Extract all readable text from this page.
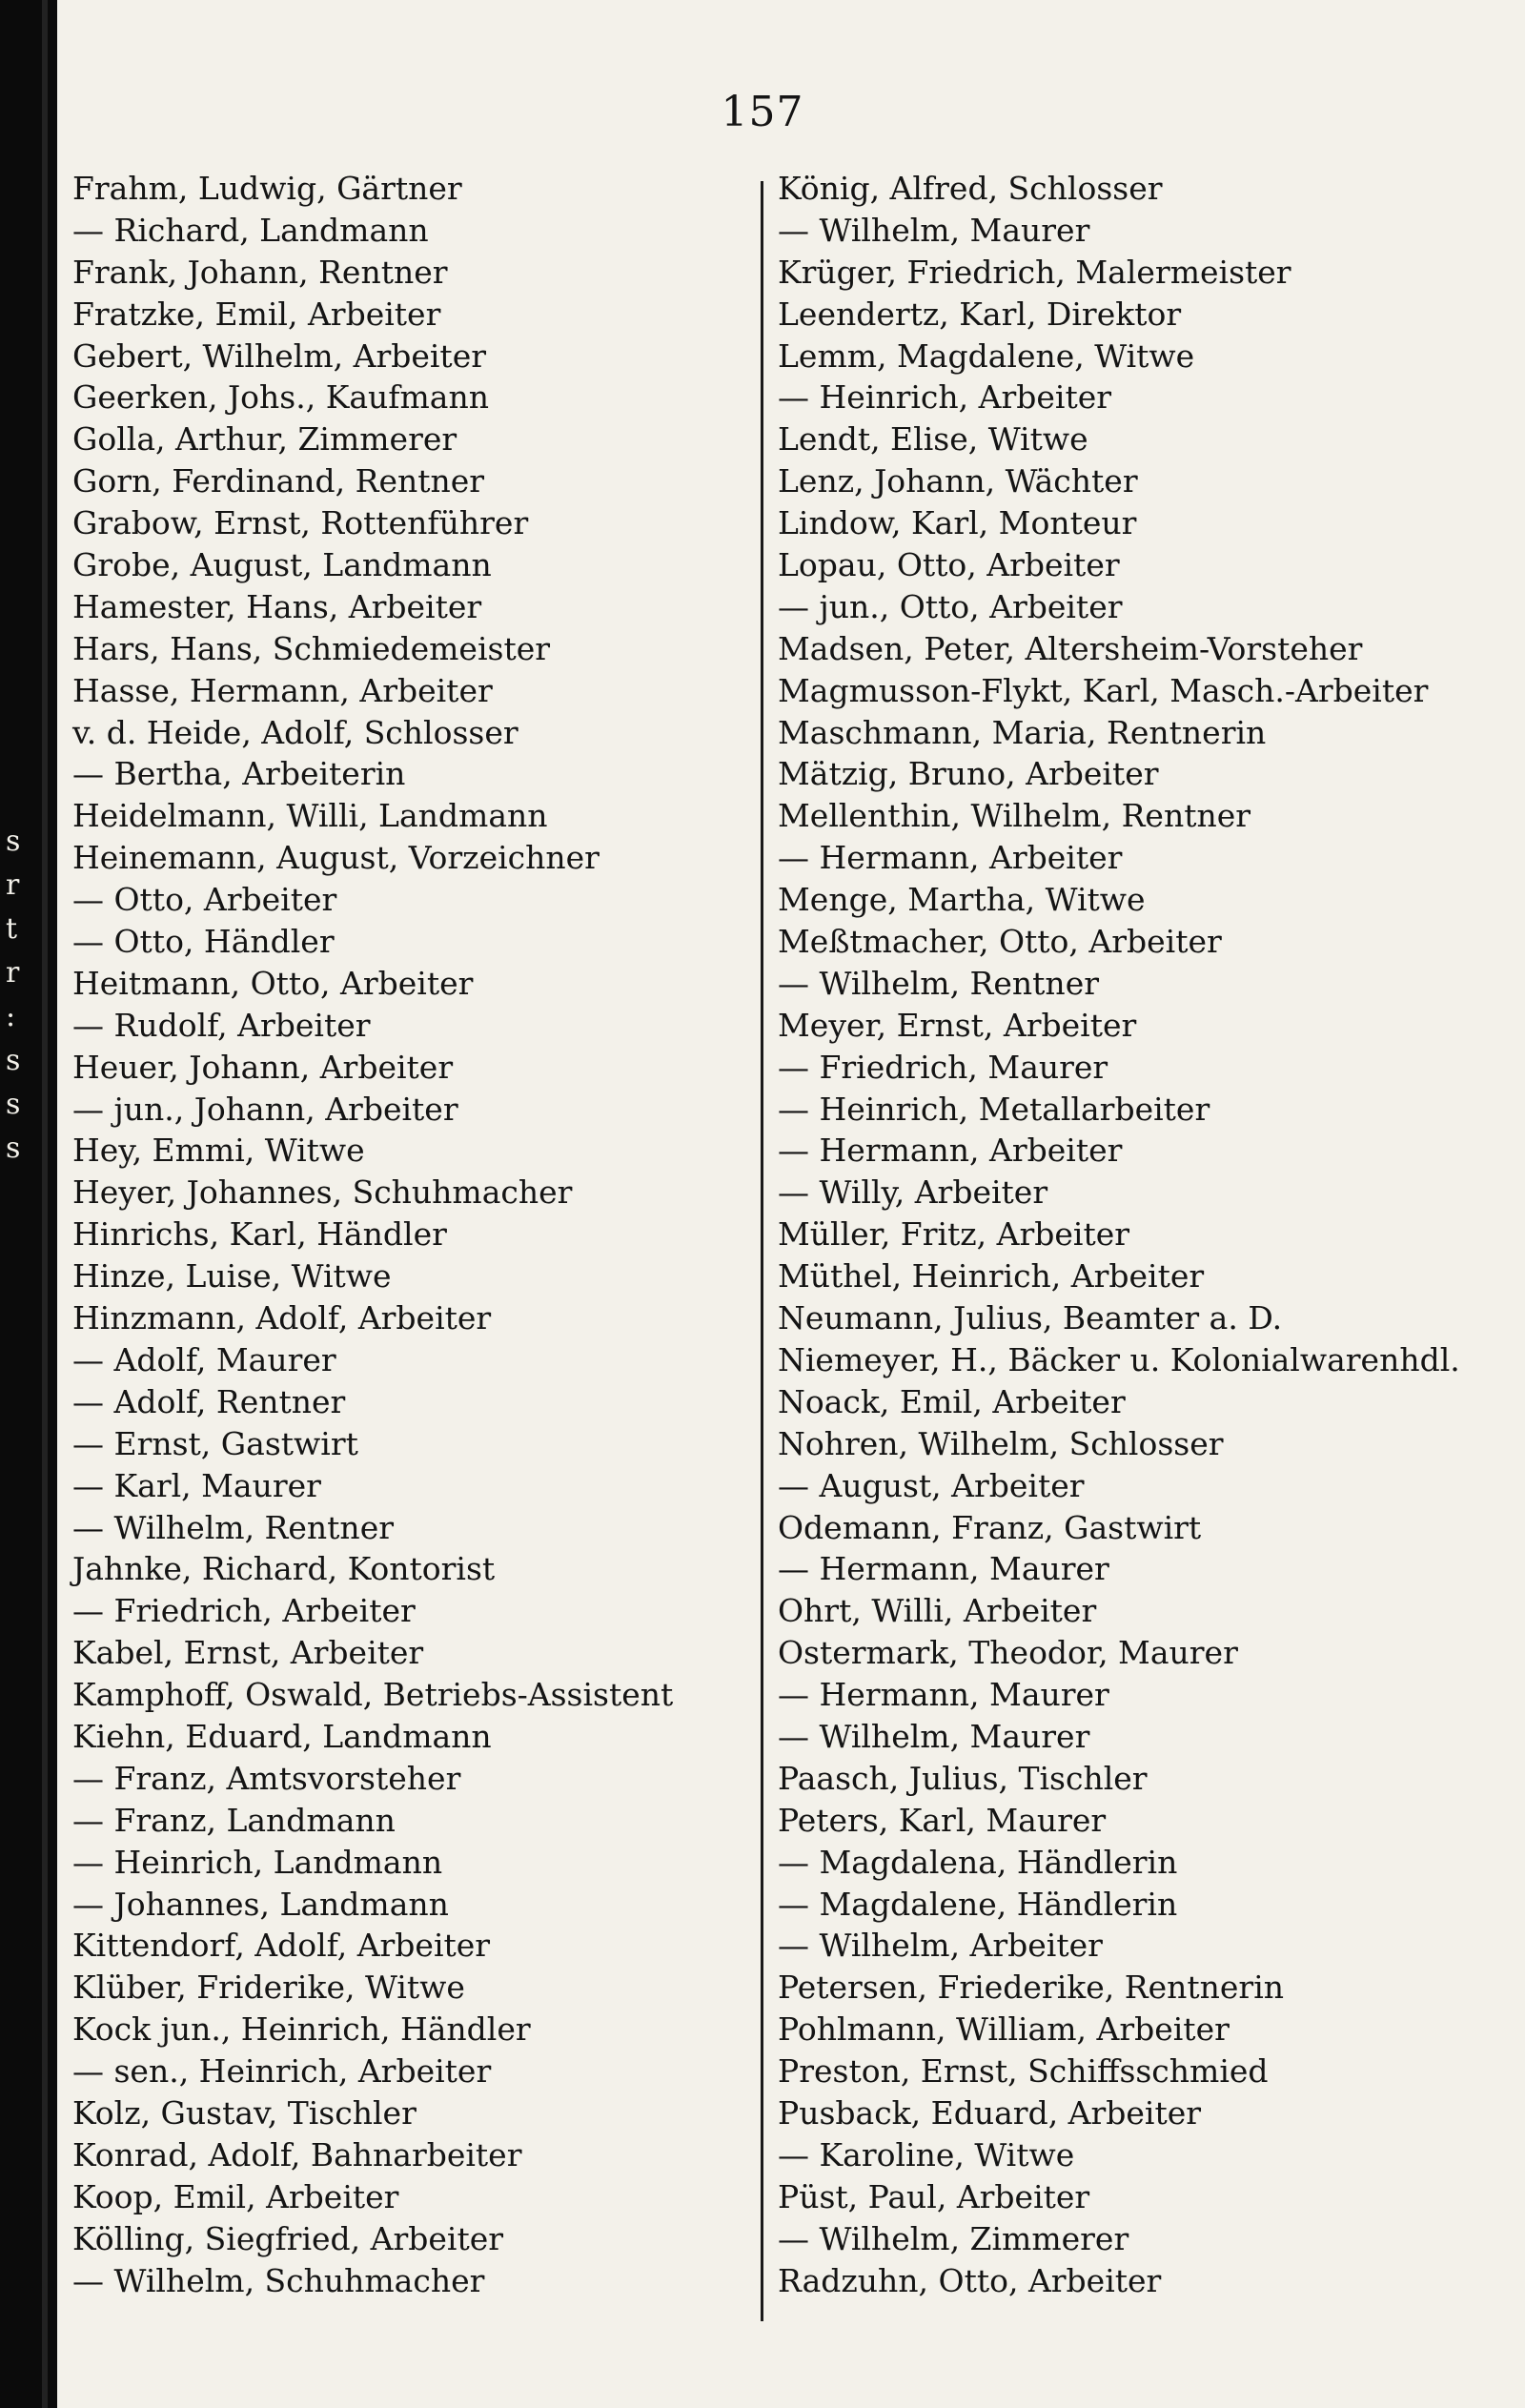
s
r
t
r
:
s
s
s
157
Frahm, Ludwig, Gärtner
— Richard, Landmann
Frank, Johann, Rentner
Fratzke, Emil, Arbeiter
Gebert, Wilhelm, Arbeiter
Geerken, Johs., Kaufmann
Golla, Arthur, Zimmerer
Gorn, Ferdinand, Rentner
Grabow, Ernst, Rottenführer
Grobe, August, Landmann
Hamester, Hans, Arbeiter
Hars, Hans, Schmiedemeister
Hasse, Hermann, Arbeiter
v. d. Heide, Adolf, Schlosser
— Bertha, Arbeiterin
Heidelmann, Willi, Landmann
Heinemann, August, Vorzeichner
— Otto, Arbeiter
— Otto, Händler
Heitmann, Otto, Arbeiter
— Rudolf, Arbeiter
Heuer, Johann, Arbeiter
— jun., Johann, Arbeiter
Hey, Emmi, Witwe
Heyer, Johannes, Schuhmacher
Hinrichs, Karl, Händler
Hinze, Luise, Witwe
Hinzmann, Adolf, Arbeiter
— Adolf, Maurer
— Adolf, Rentner
— Ernst, Gastwirt
— Karl, Maurer
— Wilhelm, Rentner
Jahnke, Richard, Kontorist
— Friedrich, Arbeiter
Kabel, Ernst, Arbeiter
Kamphoff, Oswald, Betriebs-Assistent
Kiehn, Eduard, Landmann
— Franz, Amtsvorsteher
— Franz, Landmann
— Heinrich, Landmann
— Johannes, Landmann
Kittendorf, Adolf, Arbeiter
Klüber, Friderike, Witwe
Kock jun., Heinrich, Händler
— sen., Heinrich, Arbeiter
Kolz, Gustav, Tischler
Konrad, Adolf, Bahnarbeiter
Koop, Emil, Arbeiter
Kölling, Siegfried, Arbeiter
— Wilhelm, Schuhmacher
König, Alfred, Schlosser
— Wilhelm, Maurer
Krüger, Friedrich, Malermeister
Leendertz, Karl, Direktor
Lemm, Magdalene, Witwe
— Heinrich, Arbeiter
Lendt, Elise, Witwe
Lenz, Johann, Wächter
Lindow, Karl, Monteur
Lopau, Otto, Arbeiter
— jun., Otto, Arbeiter
Madsen, Peter, Altersheim-Vorsteher
Magmusson-Flykt, Karl, Masch.-Arbeiter
Maschmann, Maria, Rentnerin
Mätzig, Bruno, Arbeiter
Mellenthin, Wilhelm, Rentner
— Hermann, Arbeiter
Menge, Martha, Witwe
Meßtmacher, Otto, Arbeiter
— Wilhelm, Rentner
Meyer, Ernst, Arbeiter
— Friedrich, Maurer
— Heinrich, Metallarbeiter
— Hermann, Arbeiter
— Willy, Arbeiter
Müller, Fritz, Arbeiter
Müthel, Heinrich, Arbeiter
Neumann, Julius, Beamter a. D.
Niemeyer, H., Bäcker u. Kolonialwarenhdl.
Noack, Emil, Arbeiter
Nohren, Wilhelm, Schlosser
— August, Arbeiter
Odemann, Franz, Gastwirt
— Hermann, Maurer
Ohrt, Willi, Arbeiter
Ostermark, Theodor, Maurer
— Hermann, Maurer
— Wilhelm, Maurer
Paasch, Julius, Tischler
Peters, Karl, Maurer
— Magdalena, Händlerin
— Magdalene, Händlerin
— Wilhelm, Arbeiter
Petersen, Friederike, Rentnerin
Pohlmann, William, Arbeiter
Preston, Ernst, Schiffsschmied
Pusback, Eduard, Arbeiter
— Karoline, Witwe
Püst, Paul, Arbeiter
— Wilhelm, Zimmerer
Radzuhn, Otto, Arbeiter
